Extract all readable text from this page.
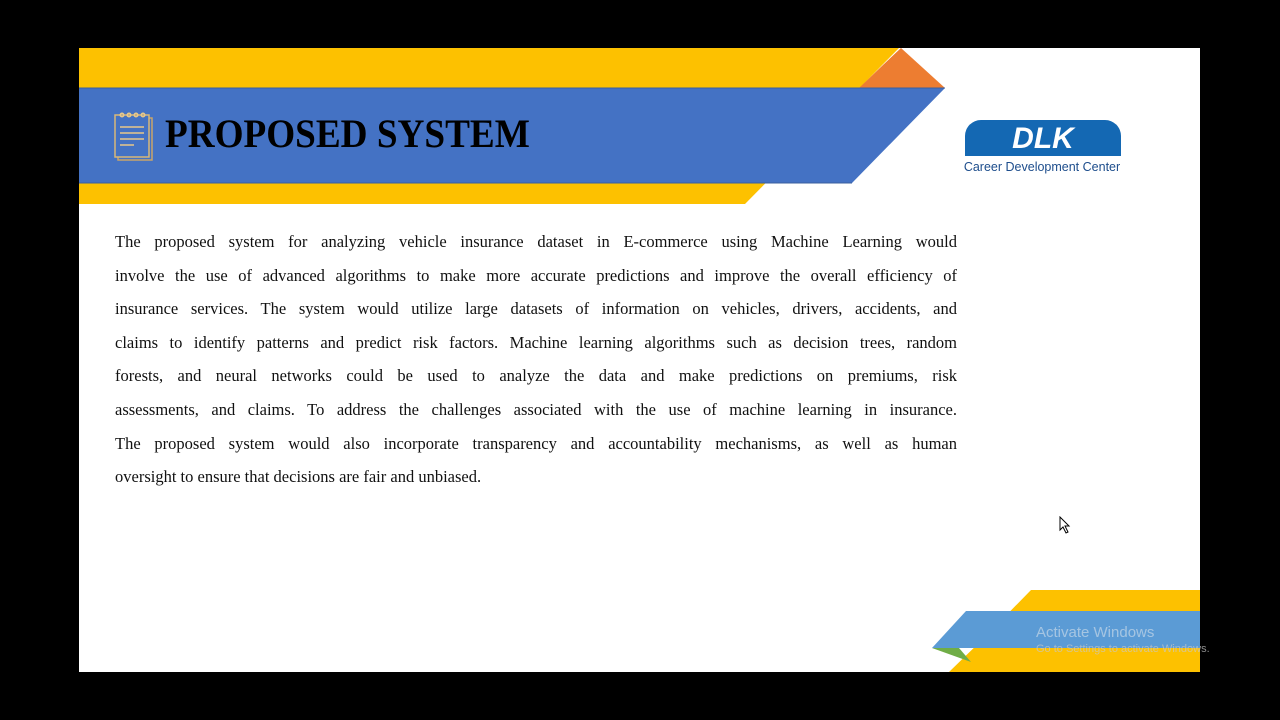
PROPOSED SYSTEM	DLK
Career Development Center
The proposed system for analyzing vehicle insurance dataset in E-commerce using Machine Learning would
involve the use of advanced algorithms to make more accurate predictions and improve the overall efficiency of
insurance services. The system would utilize large datasets of information on vehicles, drivers, accidents, and
claims to identify patterns and predict risk factors. Machine learning algorithms such as decision trees, random
forests, and neural networks could be used to analyze the data and make predictions on premiums, risk
assessments, and claims. To address the challenges associated with the use of machine learning in insurance.
The proposed system would also incorporate transparency and accountability mechanisms, as well as human
oversight to ensure that decisions are fair and unbiased.
Activate Windows
Go to Settings to activate Windows.
